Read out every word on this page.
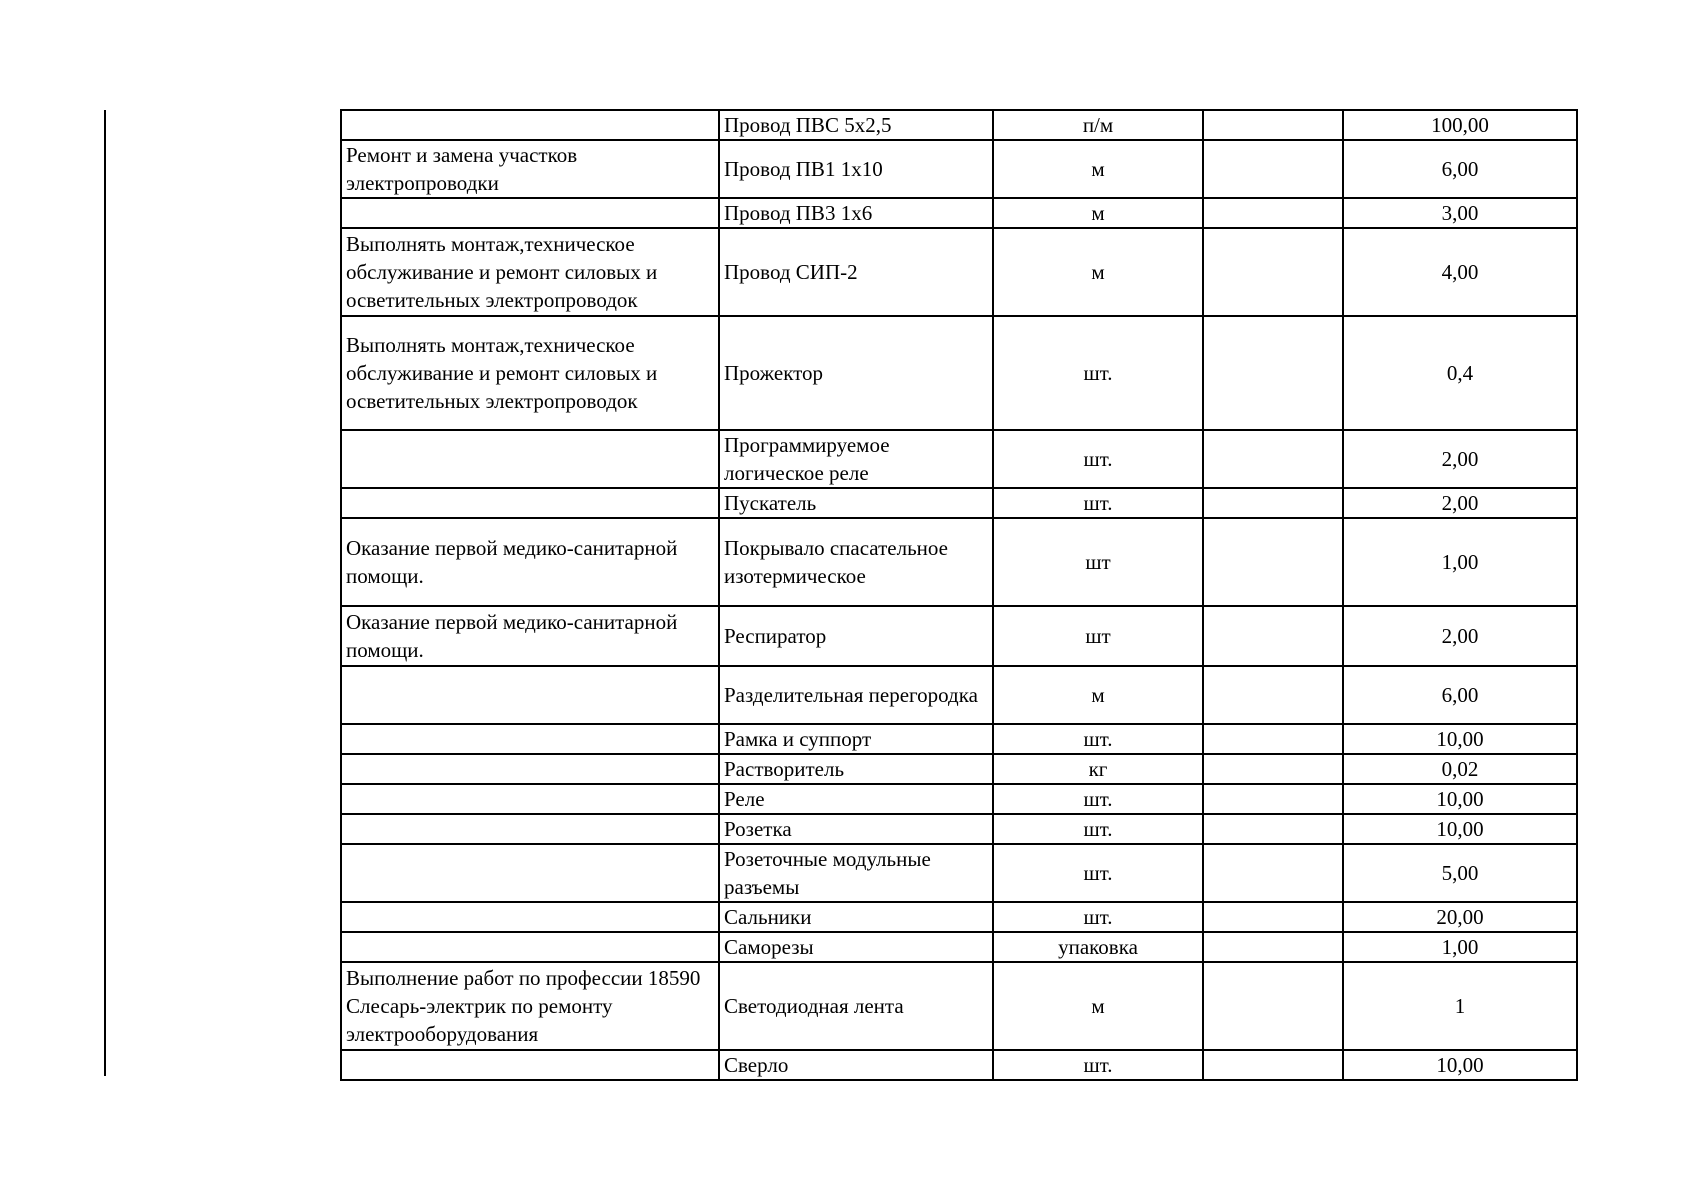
	Провод ПВС 5х2,5	п/м		100,00
Ремонт и замена участков электропроводки	Провод ПВ1 1х10	м		6,00
	Провод ПВ3 1х6	м		3,00
Выполнять монтаж,техническое обслуживание и ремонт силовых и осветительных электропроводок	Провод СИП-2	м		4,00
Выполнять монтаж,техническое обслуживание и ремонт силовых и осветительных электропроводок	Прожектор	шт.		0,4
	Программируемое логическое реле	шт.		2,00
	Пускатель	шт.		2,00
Оказание первой медико-санитарной помощи.	Покрывало спасательное изотермическое	шт		1,00
Оказание первой медико-санитарной помощи.	Респиратор	шт		2,00
	Разделительная перегородка	м		6,00
	Рамка и суппорт	шт.		10,00
	Растворитель	кг		0,02
	Реле	шт.		10,00
	Розетка	шт.		10,00
	Розеточные модульные разъемы	шт.		5,00
	Сальники	шт.		20,00
	Саморезы	упаковка		1,00
Выполнение работ по профессии 18590 Слесарь-электрик по ремонту электрооборудования	Светодиодная лента	м		1
	Сверло	шт.		10,00
